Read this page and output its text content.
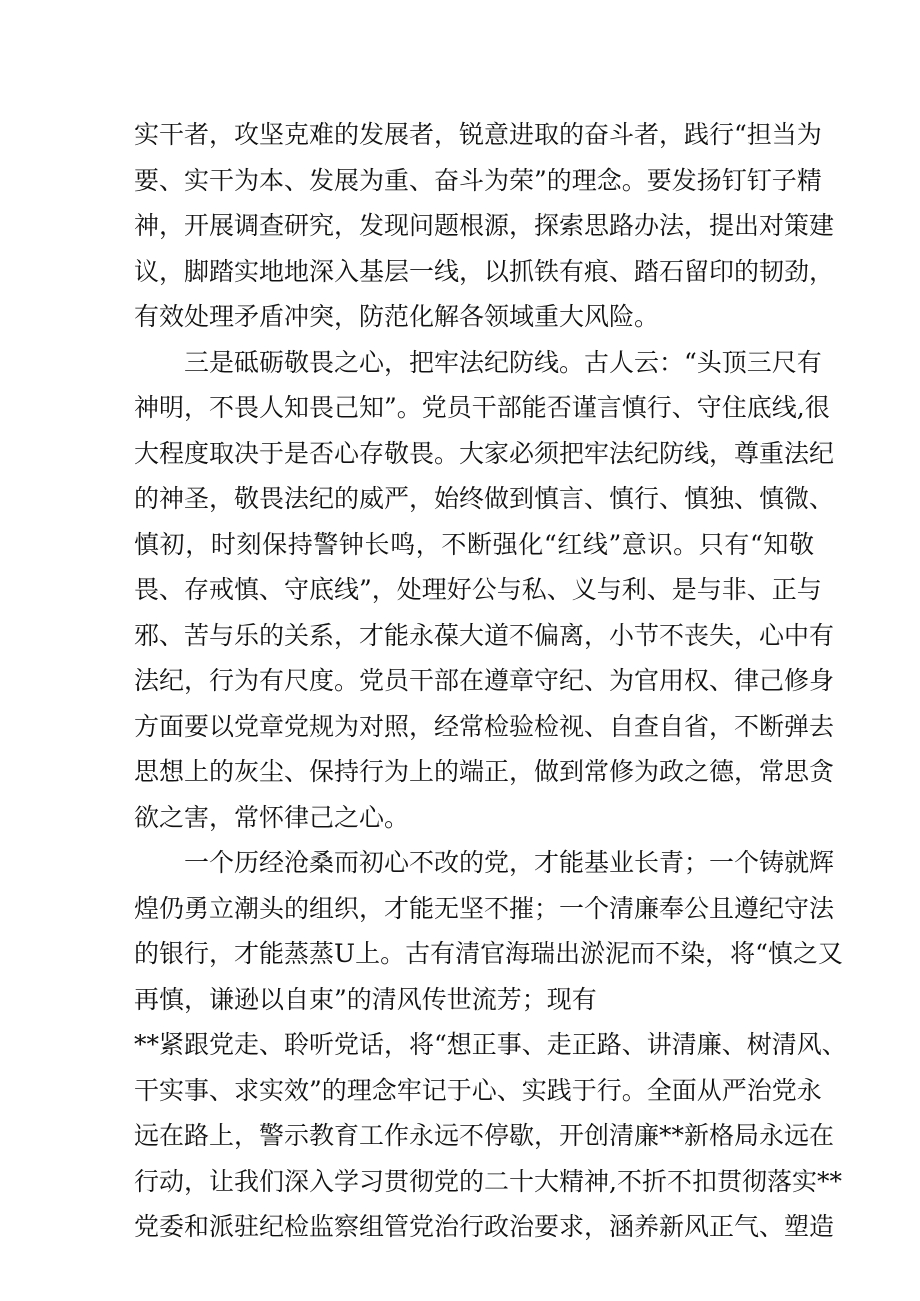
实干者，攻坚克难的发展者，锐意进取的奋斗者，践行“担当为
要、实干为本、发展为重、奋斗为荣”的理念。要发扬钉钉子精
神，开展调查研究，发现问题根源，探索思路办法，提出对策建
议，脚踏实地地深入基层一线，以抓铁有痕、踏石留印的韧劲，
有效处理矛盾冲突，防范化解各领域重大风险。
三是砥砺敬畏之心，把牢法纪防线。古人云：“头顶三尺有
神明，不畏人知畏己知”。党员干部能否谨言慎行、守住底线,很
大程度取决于是否心存敬畏。大家必须把牢法纪防线，尊重法纪
的神圣，敬畏法纪的威严，始终做到慎言、慎行、慎独、慎微、
慎初，时刻保持警钟长鸣，不断强化“红线”意识。只有“知敬
畏、存戒慎、守底线”，处理好公与私、义与利、是与非、正与
邪、苦与乐的关系，才能永葆大道不偏离，小节不丧失，心中有
法纪，行为有尺度。党员干部在遵章守纪、为官用权、律己修身
方面要以党章党规为对照，经常检验检视、自查自省，不断弹去
思想上的灰尘、保持行为上的端正，做到常修为政之德，常思贪
欲之害，常怀律己之心。
一个历经沧桑而初心不改的党，才能基业长青；一个铸就辉
煌仍勇立潮头的组织，才能无坚不摧；一个清廉奉公且遵纪守法
的银行，才能蒸蒸U上。古有清官海瑞出淤泥而不染，将“慎之又
再慎，谦逊以自束”的清风传世流芳；现有
**紧跟党走、聆听党话，将“想正事、走正路、讲清廉、树清风、
干实事、求实效”的理念牢记于心、实践于行。全面从严治党永
远在路上，警示教育工作永远不停歇，开创清廉**新格局永远在
行动，让我们深入学习贯彻党的二十大精神,不折不扣贯彻落实**
党委和派驻纪检监察组管党治行政治要求，涵养新风正气、塑造
